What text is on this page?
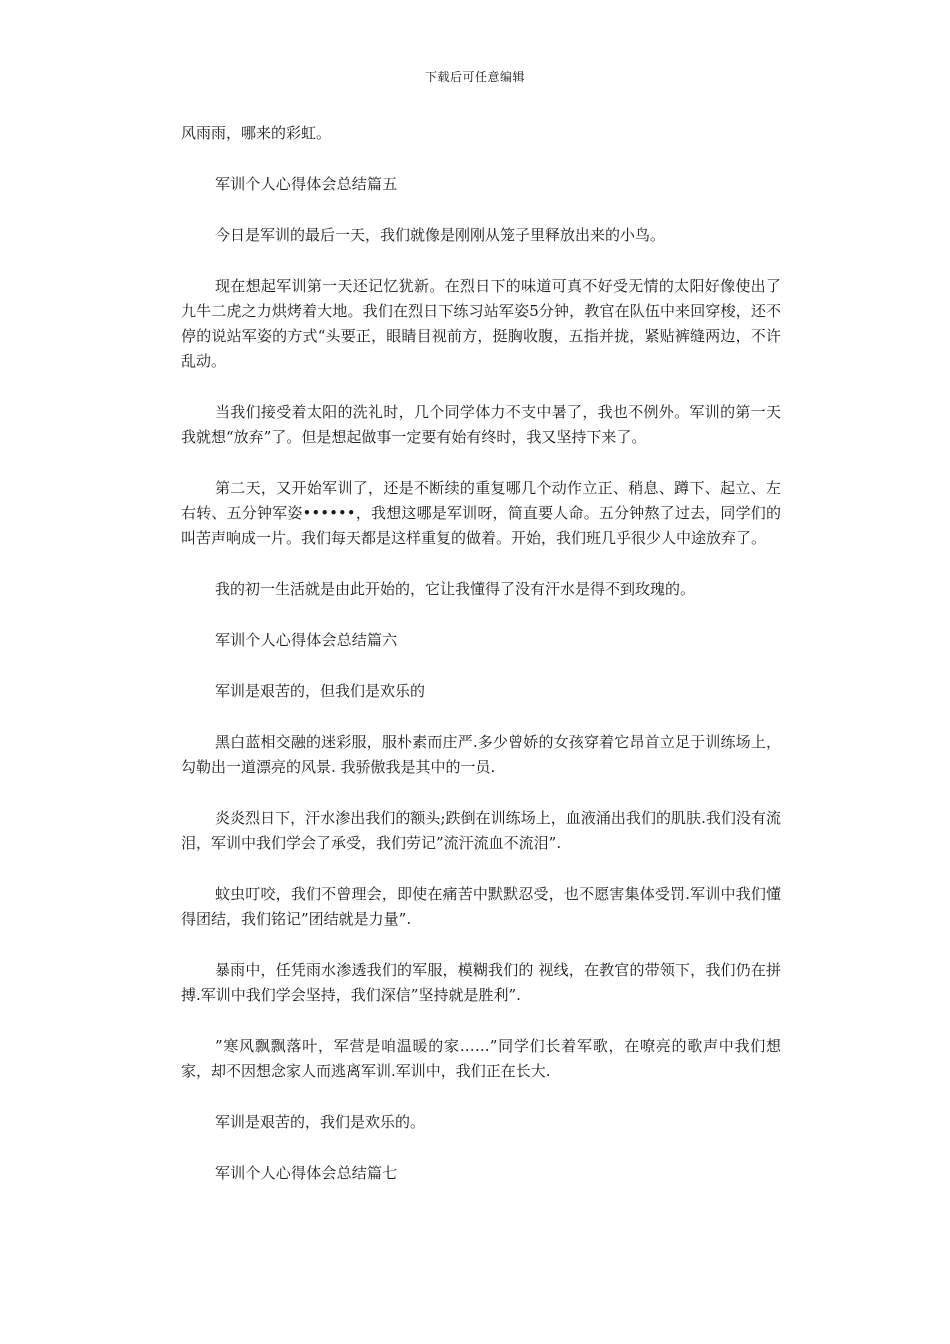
下载后可任意编辑

风雨雨，哪来的彩虹。

军训个人心得体会总结篇五

今日是军训的最后一天，我们就像是刚刚从笼子里释放出来的小鸟。

现在想起军训第一天还记忆犹新。在烈日下的味道可真不好受无情的太阳好像使出了九牛二虎之力烘烤着大地。我们在烈日下练习站军姿5分钟，教官在队伍中来回穿梭，还不停的说站军姿的方式“头要正，眼睛目视前方，挺胸收腹，五指并拢，紧贴裤缝两边，不许乱动。

当我们接受着太阳的洗礼时，几个同学体力不支中暑了，我也不例外。军训的第一天我就想“放弃”了。但是想起做事一定要有始有终时，我又坚持下来了。

第二天，又开始军训了，还是不断续的重复哪几个动作立正、稍息、蹲下、起立、左右转、五分钟军姿••••••，我想这哪是军训呀，简直要人命。五分钟熬了过去，同学们的叫苦声响成一片。我们每天都是这样重复的做着。开始，我们班几乎很少人中途放弃了。

我的初一生活就是由此开始的，它让我懂得了没有汗水是得不到玫瑰的。

军训个人心得体会总结篇六

军训是艰苦的，但我们是欢乐的

黑白蓝相交融的迷彩服，服朴素而庄严.多少曾娇的女孩穿着它昂首立足于训练场上，勾勒出一道漂亮的风景. 我骄傲我是其中的一员.

炎炎烈日下，汗水渗出我们的额头;跌倒在训练场上，血液涌出我们的肌肤.我们没有流泪，军训中我们学会了承受，我们劳记”流汗流血不流泪”.

蚊虫叮咬，我们不曾理会，即使在痛苦中默默忍受，也不愿害集体受罚.军训中我们懂得团结，我们铭记”团结就是力量”.

暴雨中，任凭雨水渗透我们的军服，模糊我们的 视线，在教官的带领下，我们仍在拼搏.军训中我们学会坚持，我们深信”坚持就是胜利”.

”寒风飘飘落叶，军营是咱温暖的家……”同学们长着军歌，在嘹亮的歌声中我们想家，却不因想念家人而逃离军训.军训中，我们正在长大.

军训是艰苦的，我们是欢乐的。

军训个人心得体会总结篇七
